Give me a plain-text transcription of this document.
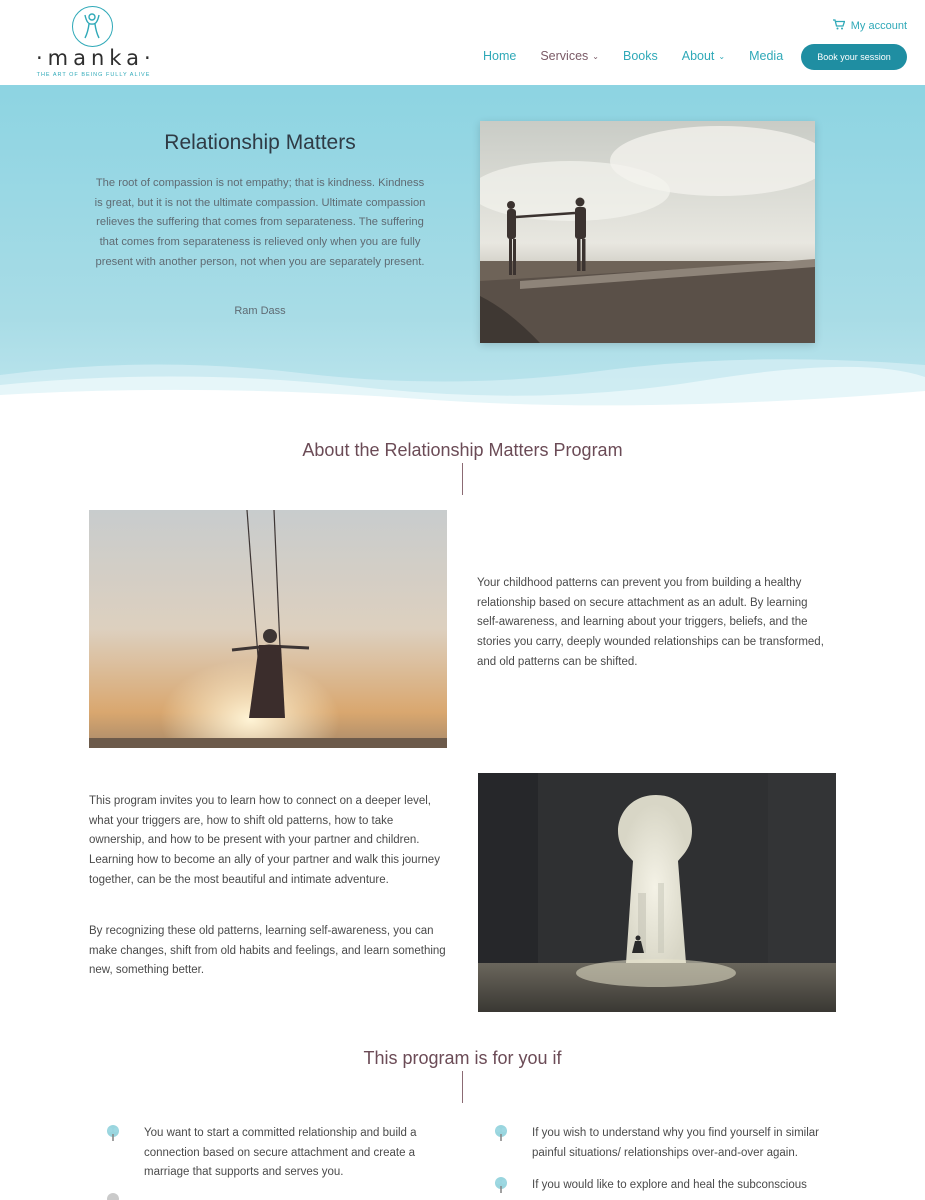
·manka·
THE ART OF BEING FULLY ALIVE
My account
Home Services ⌄ Books About ⌄ Media	Book your session
Relationship Matters
The root of compassion is not empathy; that is kindness. Kindness is great, but it is not the ultimate compassion. Ultimate compassion relieves the suffering that comes from separateness. The suffering that comes from separateness is relieved only when you are fully present with another person, not when you are separately present.
Ram Dass
About the Relationship Matters Program
Your childhood patterns can prevent you from building a healthy relationship based on secure attachment as an adult. By learning self-awareness, and learning about your triggers, beliefs, and the stories you carry, deeply wounded relationships can be transformed, and old patterns can be shifted.
This program invites you to learn how to connect on a deeper level, what your triggers are, how to shift old patterns, how to take ownership, and how to be present with your partner and children. Learning how to become an ally of your partner and walk this journey together, can be the most beautiful and intimate adventure.
By recognizing these old patterns, learning self-awareness, you can make changes, shift from old habits and feelings, and learn something new, something better.
This program is for you if
You want to start a committed relationship and build a connection based on secure attachment and create a marriage that supports and serves you.
If you wish to understand why you find yourself in similar painful situations/ relationships over-and-over again.
If you would like to explore and heal the subconscious
